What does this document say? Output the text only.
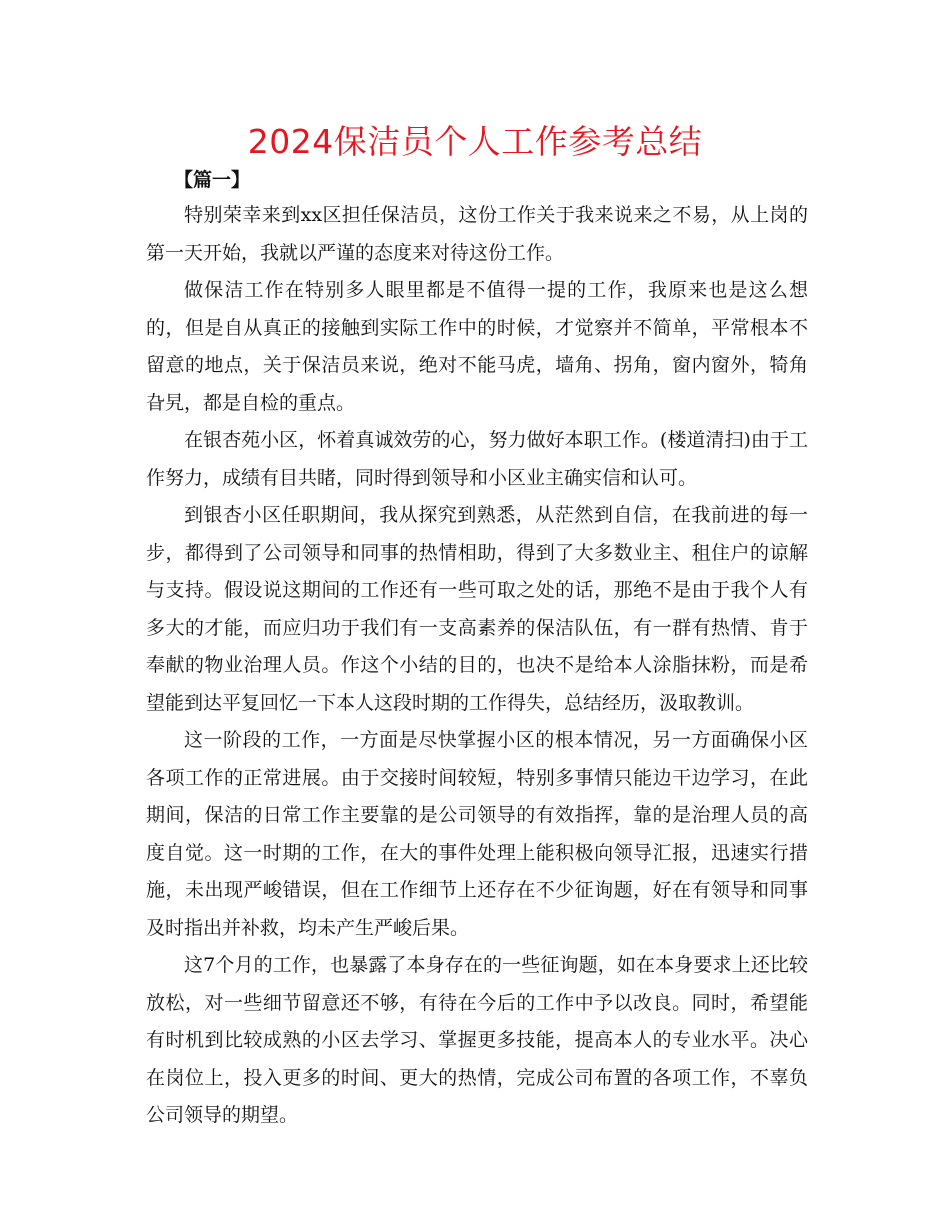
2024保洁员个人工作参考总结
【篇一】

特别荣幸来到xx区担任保洁员，这份工作关于我来说来之不易，从上岗的第一天开始，我就以严谨的态度来对待这份工作。

做保洁工作在特别多人眼里都是不值得一提的工作，我原来也是这么想的，但是自从真正的接触到实际工作中的时候，才觉察并不简单，平常根本不留意的地点，关于保洁员来说，绝对不能马虎，墙角、拐角，窗内窗外，犄角旮旯，都是自检的重点。

在银杏苑小区，怀着真诚效劳的心，努力做好本职工作。(楼道清扫)由于工作努力，成绩有目共睹，同时得到领导和小区业主确实信和认可。

到银杏小区任职期间，我从探究到熟悉，从茫然到自信，在我前进的每一步，都得到了公司领导和同事的热情相助，得到了大多数业主、租住户的谅解与支持。假设说这期间的工作还有一些可取之处的话，那绝不是由于我个人有多大的才能，而应归功于我们有一支高素养的保洁队伍，有一群有热情、肯于奉献的物业治理人员。作这个小结的目的，也决不是给本人涂脂抹粉，而是希望能到达平复回忆一下本人这段时期的工作得失，总结经历，汲取教训。

这一阶段的工作，一方面是尽快掌握小区的根本情况，另一方面确保小区各项工作的正常进展。由于交接时间较短，特别多事情只能边干边学习，在此期间，保洁的日常工作主要靠的是公司领导的有效指挥，靠的是治理人员的高度自觉。这一时期的工作，在大的事件处理上能积极向领导汇报，迅速实行措施，未出现严峻错误，但在工作细节上还存在不少征询题，好在有领导和同事及时指出并补救，均未产生严峻后果。

这7个月的工作，也暴露了本身存在的一些征询题，如在本身要求上还比较放松，对一些细节留意还不够，有待在今后的工作中予以改良。同时，希望能有时机到比较成熟的小区去学习、掌握更多技能，提高本人的专业水平。决心在岗位上，投入更多的时间、更大的热情，完成公司布置的各项工作，不辜负公司领导的期望。
